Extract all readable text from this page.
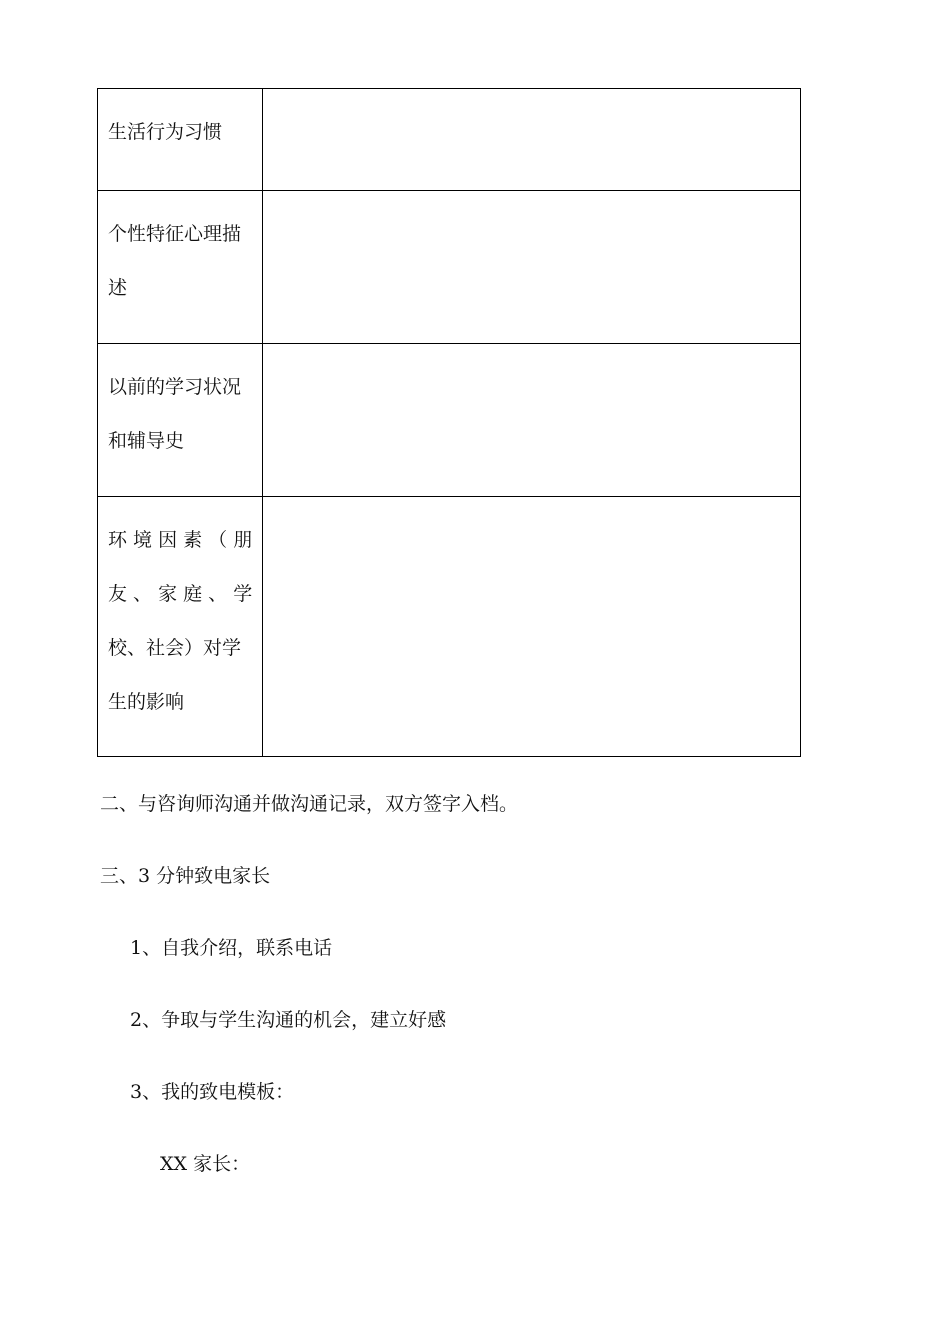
生活行为习惯	

个性特征心理描
述	

以前的学习状况
和辅导史	

环 境 因 素 （ 朋
友 、 家 庭 、 学
校、社会）对学
生的影响	

二、与咨询师沟通并做沟通记录，双方签字入档。
三、3 分钟致电家长
1、自我介绍，联系电话
2、争取与学生沟通的机会，建立好感
3、我的致电模板：
XX 家长：
